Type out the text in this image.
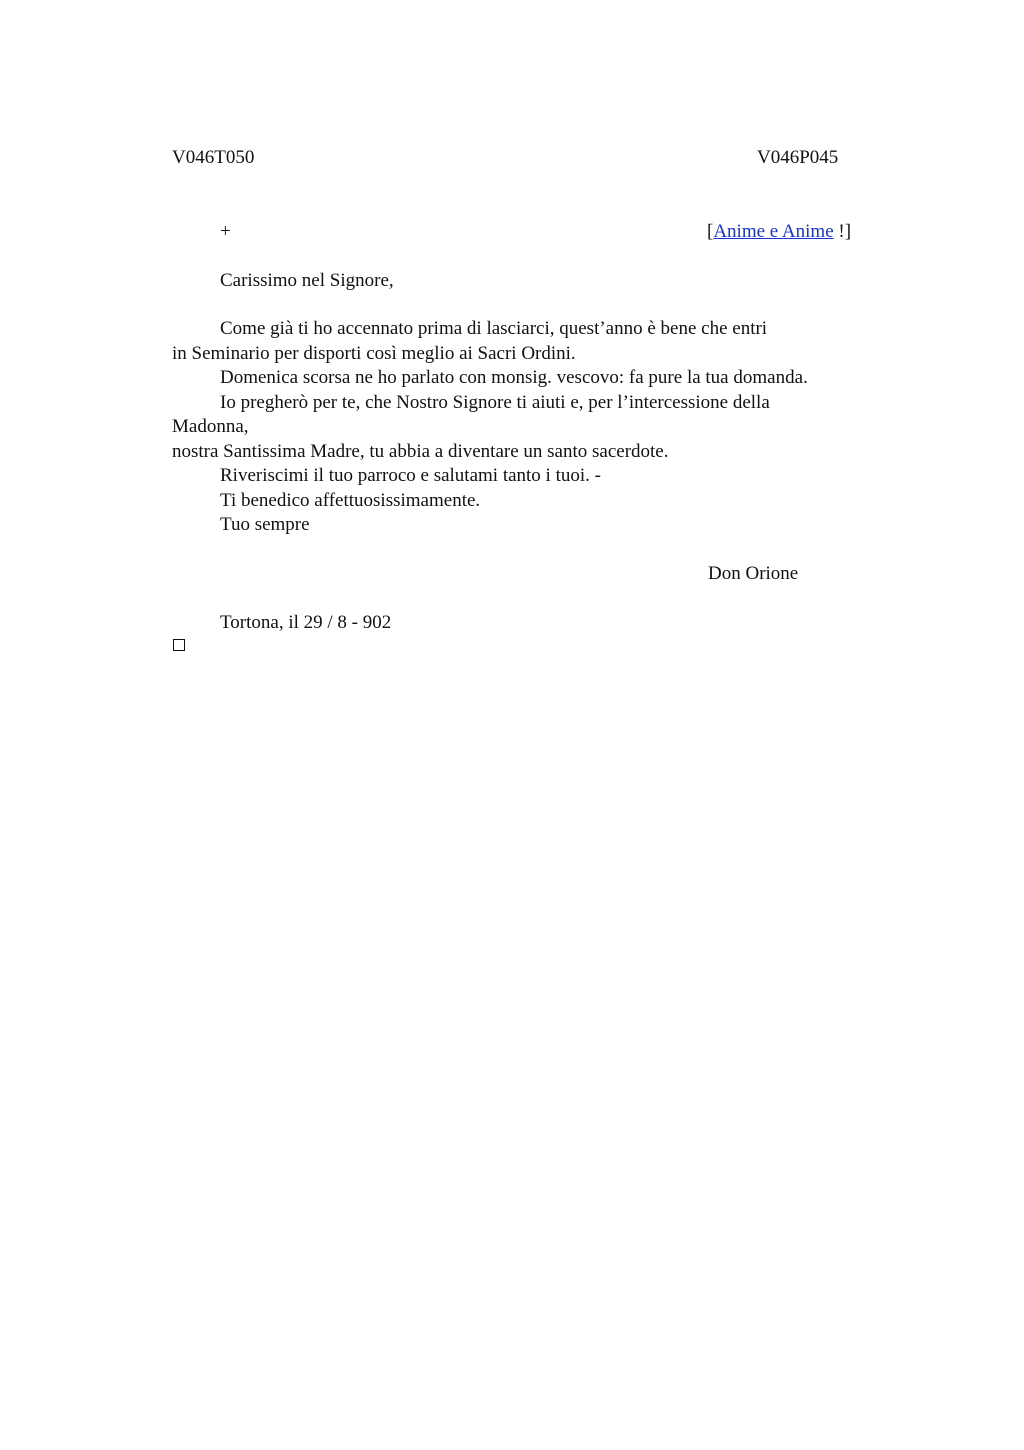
V046T050	V046P045
+	[Anime e Anime !]
Carissimo nel Signore,
Come già ti ho accennato prima di lasciarci, quest’anno è bene che entri
in Seminario per disporti così meglio ai Sacri Ordini.
Domenica scorsa ne ho parlato con monsig. vescovo: fa pure la tua domanda.
Io pregherò per te, che Nostro Signore ti aiuti e, per l’intercessione della
Madonna,
nostra Santissima Madre, tu abbia a diventare un santo sacerdote.
Riveriscimi il tuo parroco e salutami tanto i tuoi. -
Ti benedico affettuosissimamente.
Tuo sempre
Don Orione
Tortona, il 29 / 8 - 902
